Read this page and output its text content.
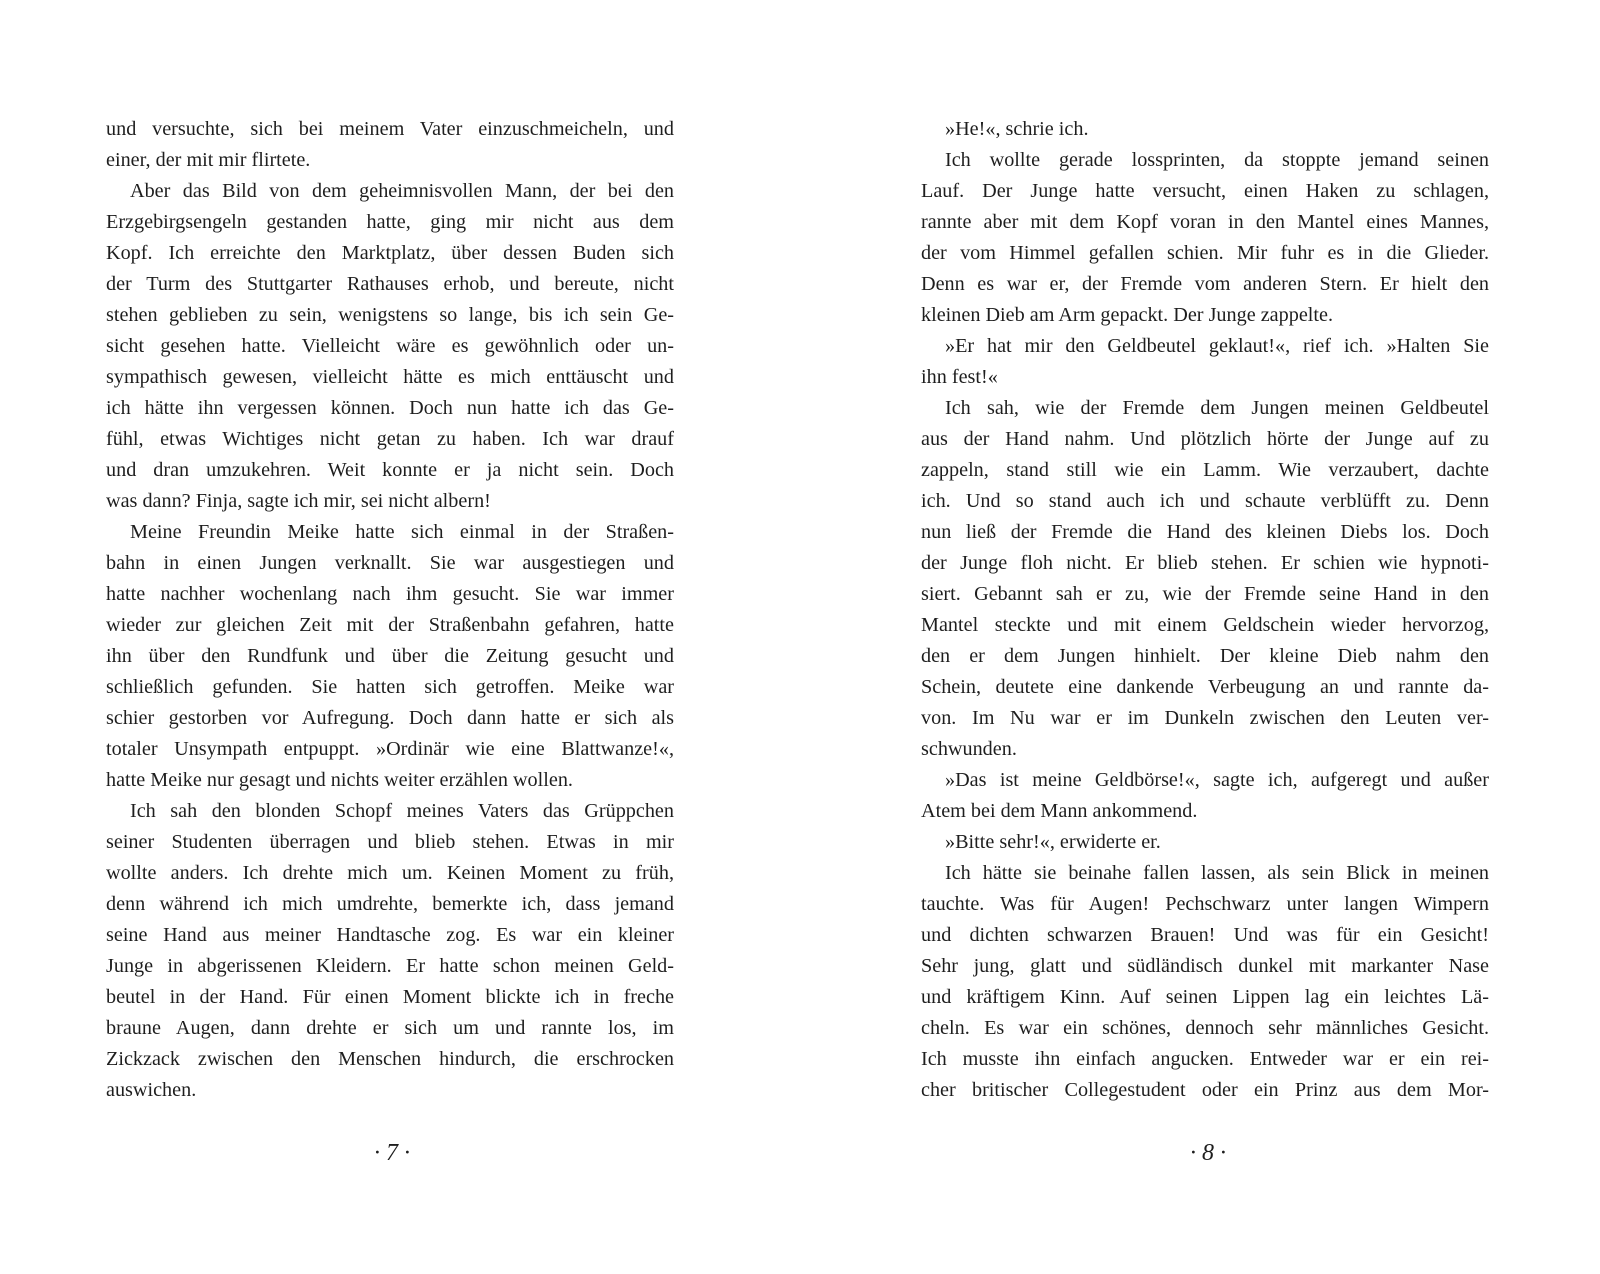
und versuchte, sich bei meinem Vater einzuschmeicheln, und
einer, der mit mir flirtete.
Aber das Bild von dem geheimnisvollen Mann, der bei den
Erzgebirgsengeln gestanden hatte, ging mir nicht aus dem
Kopf. Ich erreichte den Marktplatz, über dessen Buden sich
der Turm des Stuttgarter Rathauses erhob, und bereute, nicht
stehen geblieben zu sein, wenigstens so lange, bis ich sein Ge-
sicht gesehen hatte. Vielleicht wäre es gewöhnlich oder un-
sympathisch gewesen, vielleicht hätte es mich enttäuscht und
ich hätte ihn vergessen können. Doch nun hatte ich das Ge-
fühl, etwas Wichtiges nicht getan zu haben. Ich war drauf
und dran umzukehren. Weit konnte er ja nicht sein. Doch
was dann? Finja, sagte ich mir, sei nicht albern!
Meine Freundin Meike hatte sich einmal in der Straßen-
bahn in einen Jungen verknallt. Sie war ausgestiegen und
hatte nachher wochenlang nach ihm gesucht. Sie war immer
wieder zur gleichen Zeit mit der Straßenbahn gefahren, hatte
ihn über den Rundfunk und über die Zeitung gesucht und
schließlich gefunden. Sie hatten sich getroffen. Meike war
schier gestorben vor Aufregung. Doch dann hatte er sich als
totaler Unsympath entpuppt. »Ordinär wie eine Blattwanze!«,
hatte Meike nur gesagt und nichts weiter erzählen wollen.
Ich sah den blonden Schopf meines Vaters das Grüppchen
seiner Studenten überragen und blieb stehen. Etwas in mir
wollte anders. Ich drehte mich um. Keinen Moment zu früh,
denn während ich mich umdrehte, bemerkte ich, dass jemand
seine Hand aus meiner Handtasche zog. Es war ein kleiner
Junge in abgerissenen Kleidern. Er hatte schon meinen Geld-
beutel in der Hand. Für einen Moment blickte ich in freche
braune Augen, dann drehte er sich um und rannte los, im
Zickzack zwischen den Menschen hindurch, die erschrocken
auswichen.
· 7 ·
»He!«, schrie ich.
Ich wollte gerade lossprinten, da stoppte jemand seinen
Lauf. Der Junge hatte versucht, einen Haken zu schlagen,
rannte aber mit dem Kopf voran in den Mantel eines Mannes,
der vom Himmel gefallen schien. Mir fuhr es in die Glieder.
Denn es war er, der Fremde vom anderen Stern. Er hielt den
kleinen Dieb am Arm gepackt. Der Junge zappelte.
»Er hat mir den Geldbeutel geklaut!«, rief ich. »Halten Sie
ihn fest!«
Ich sah, wie der Fremde dem Jungen meinen Geldbeutel
aus der Hand nahm. Und plötzlich hörte der Junge auf zu
zappeln, stand still wie ein Lamm. Wie verzaubert, dachte
ich. Und so stand auch ich und schaute verblüfft zu. Denn
nun ließ der Fremde die Hand des kleinen Diebs los. Doch
der Junge floh nicht. Er blieb stehen. Er schien wie hypnoti-
siert. Gebannt sah er zu, wie der Fremde seine Hand in den
Mantel steckte und mit einem Geldschein wieder hervorzog,
den er dem Jungen hinhielt. Der kleine Dieb nahm den
Schein, deutete eine dankende Verbeugung an und rannte da-
von. Im Nu war er im Dunkeln zwischen den Leuten ver-
schwunden.
»Das ist meine Geldbörse!«, sagte ich, aufgeregt und außer
Atem bei dem Mann ankommend.
»Bitte sehr!«, erwiderte er.
Ich hätte sie beinahe fallen lassen, als sein Blick in meinen
tauchte. Was für Augen! Pechschwarz unter langen Wimpern
und dichten schwarzen Brauen! Und was für ein Gesicht!
Sehr jung, glatt und südländisch dunkel mit markanter Nase
und kräftigem Kinn. Auf seinen Lippen lag ein leichtes Lä-
cheln. Es war ein schönes, dennoch sehr männliches Gesicht.
Ich musste ihn einfach angucken. Entweder war er ein rei-
cher britischer Collegestudent oder ein Prinz aus dem Mor-
· 8 ·
